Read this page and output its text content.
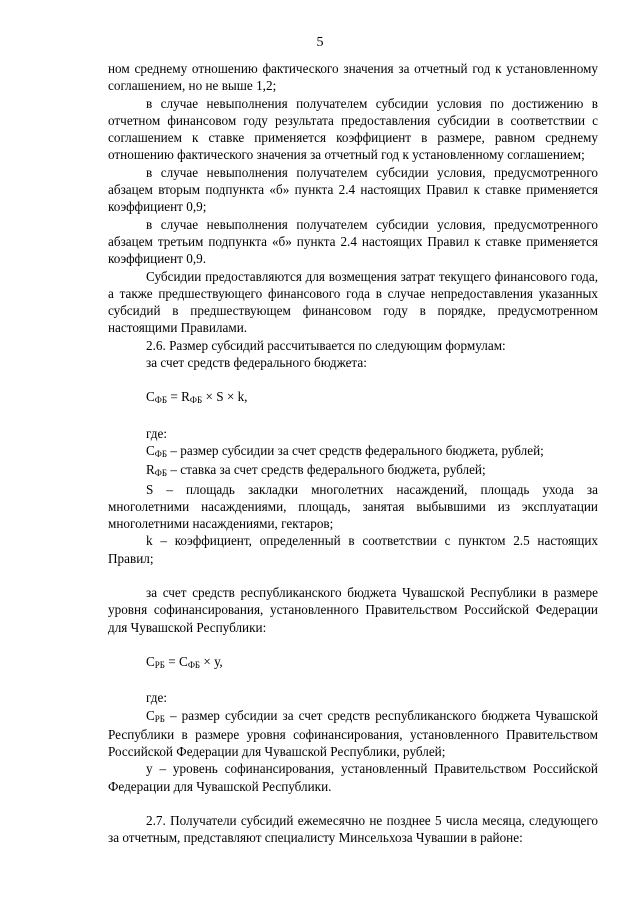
5

ном среднему отношению фактического значения за отчетный год к установленному соглашением, но не выше 1,2;

в случае невыполнения получателем субсидии условия по достижению в отчетном финансовом году результата предоставления субсидии в соответствии с соглашением к ставке применяется коэффициент в размере, равном среднему отношению фактического значения за отчетный год к установленному соглашением;

в случае невыполнения получателем субсидии условия, предусмотренного абзацем вторым подпункта «б» пункта 2.4 настоящих Правил к ставке применяется коэффициент 0,9;

в случае невыполнения получателем субсидии условия, предусмотренного абзацем третьим подпункта «б» пункта 2.4 настоящих Правил к ставке применяется коэффициент 0,9.

Субсидии предоставляются для возмещения затрат текущего финансового года, а также предшествующего финансового года в случае непредоставления указанных субсидий в предшествующем финансовом году в порядке, предусмотренном настоящими Правилами.

2.6. Размер субсидий рассчитывается по следующим формулам:

за счет средств федерального бюджета:

$С_{ФБ} = R_{ФБ} \times S \times k$,

где:

$С_{ФБ}$ – размер субсидии за счет средств федерального бюджета, рублей;

$R_{ФБ}$ – ставка за счет средств федерального бюджета, рублей;

S – площадь закладки многолетних насаждений, площадь ухода за многолетними насаждениями, площадь, занятая выбывшими из эксплуатации многолетними насаждениями, гектаров;

k – коэффициент, определенный в соответствии с пунктом 2.5 настоящих Правил;

за счет средств республиканского бюджета Чувашской Республики в размере уровня софинансирования, установленного Правительством Российской Федерации для Чувашской Республики:

$С_{РБ} = С_{ФБ} \times у$,

где:

$С_{РБ}$ – размер субсидии за счет средств республиканского бюджета Чувашской Республики в размере уровня софинансирования, установленного Правительством Российской Федерации для Чувашской Республики, рублей;

у – уровень софинансирования, установленный Правительством Российской Федерации для Чувашской Республики.

2.7. Получатели субсидий ежемесячно не позднее 5 числа месяца, следующего за отчетным, представляют специалисту Минсельхоза Чувашии в районе:
